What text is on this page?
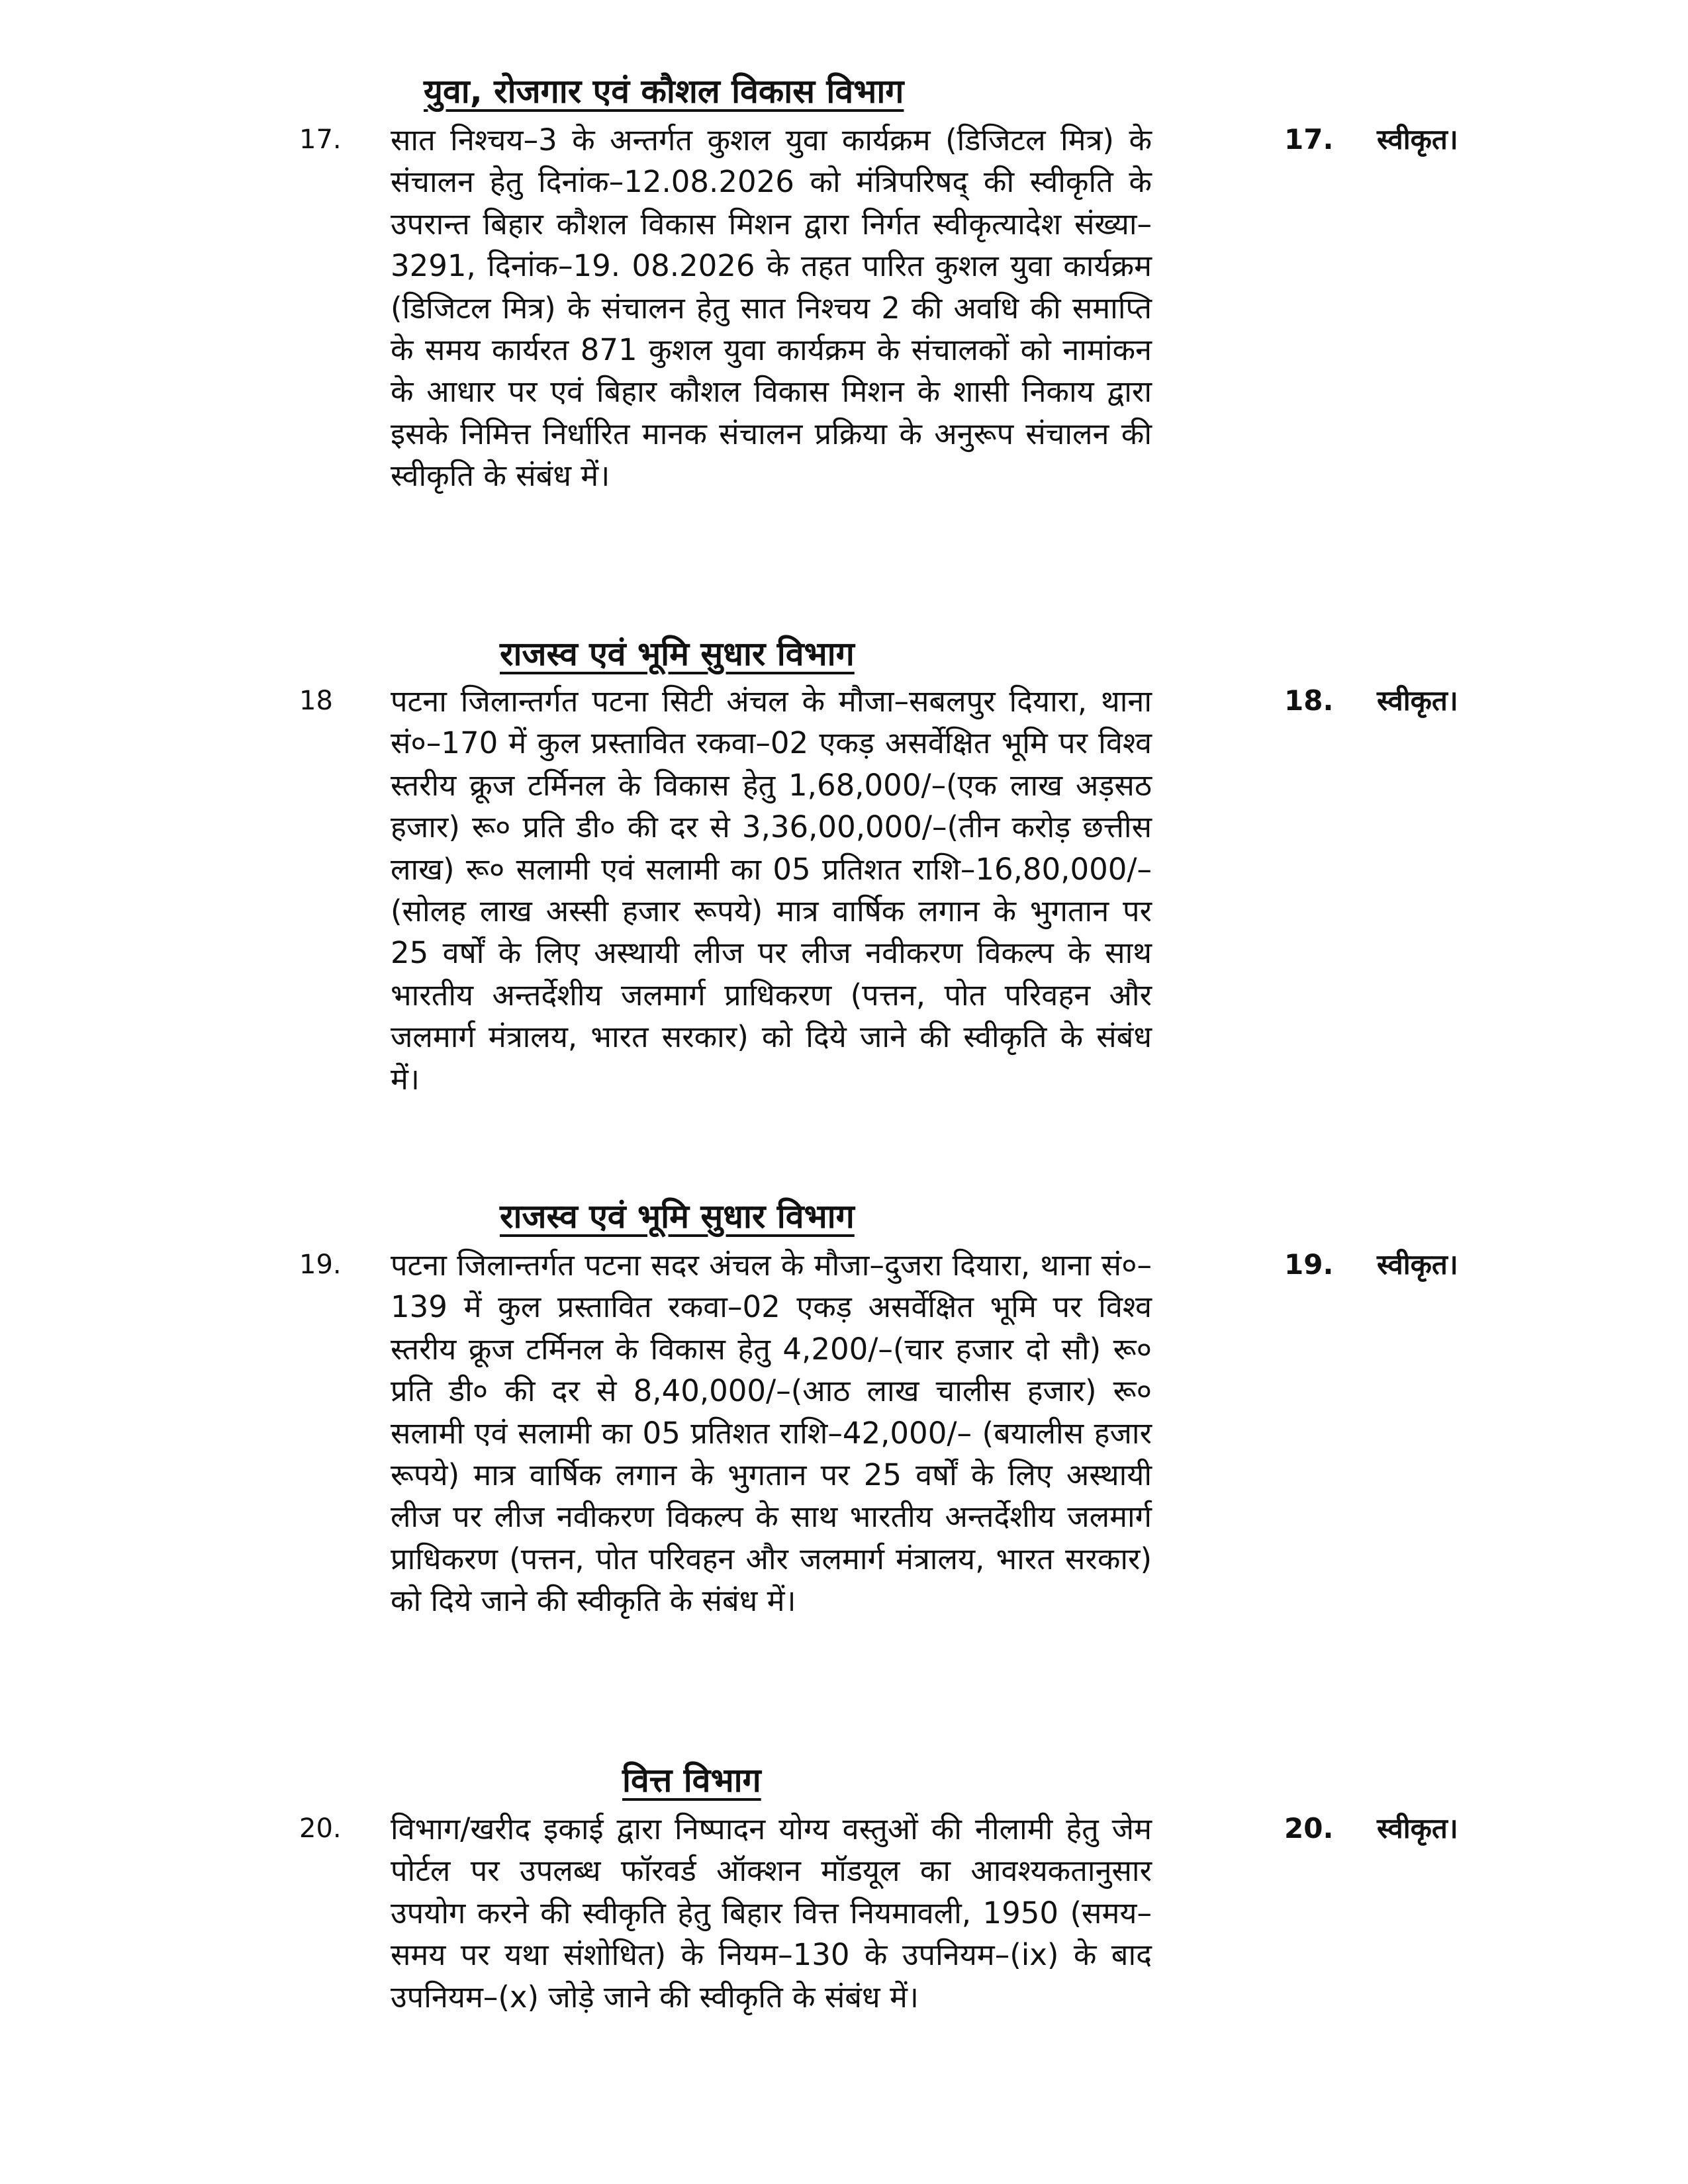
युवा, रोजगार एवं कौशल विकास विभाग
17. सात निश्चय–3 के अन्तर्गत कुशल युवा कार्यक्रम (डिजिटल मित्र) के संचालन हेतु दिनांक–12.08.2026 को मंत्रिपरिषद् की स्वीकृति के उपरान्त बिहार कौशल विकास मिशन द्वारा निर्गत स्वीकृत्यादेश संख्या–3291, दिनांक–19. 08.2026 के तहत पारित कुशल युवा कार्यक्रम (डिजिटल मित्र) के संचालन हेतु सात निश्चय 2 की अवधि की समाप्ति के समय कार्यरत 871 कुशल युवा कार्यक्रम के संचालकों को नामांकन के आधार पर एवं बिहार कौशल विकास मिशन के शासी निकाय द्वारा इसके निमित्त निर्धारित मानक संचालन प्रक्रिया के अनुरूप संचालन की स्वीकृति के संबंध में।
17. स्वीकृत।
राजस्व एवं भूमि सुधार विभाग
18 पटना जिलान्तर्गत पटना सिटी अंचल के मौजा–सबलपुर दियारा, थाना सं०–170 में कुल प्रस्तावित रकवा–02 एकड़ असर्वेक्षित भूमि पर विश्व स्तरीय क्रूज टर्मिनल के विकास हेतु 1,68,000/–(एक लाख अड़सठ हजार) रू० प्रति डी० की दर से 3,36,00,000/–(तीन करोड़ छत्तीस लाख) रू० सलामी एवं सलामी का 05 प्रतिशत राशि–16,80,000/–(सोलह लाख अस्सी हजार रूपये) मात्र वार्षिक लगान के भुगतान पर 25 वर्षों के लिए अस्थायी लीज पर लीज नवीकरण विकल्प के साथ भारतीय अन्तर्देशीय जलमार्ग प्राधिकरण (पत्तन, पोत परिवहन और जलमार्ग मंत्रालय, भारत सरकार) को दिये जाने की स्वीकृति के संबंध में।
18. स्वीकृत।
राजस्व एवं भूमि सुधार विभाग
19. पटना जिलान्तर्गत पटना सदर अंचल के मौजा–दुजरा दियारा, थाना सं०–139 में कुल प्रस्तावित रकवा–02 एकड़ असर्वेक्षित भूमि पर विश्व स्तरीय क्रूज टर्मिनल के विकास हेतु 4,200/–(चार हजार दो सौ) रू० प्रति डी० की दर से 8,40,000/–(आठ लाख चालीस हजार) रू० सलामी एवं सलामी का 05 प्रतिशत राशि–42,000/– (बयालीस हजार रूपये) मात्र वार्षिक लगान के भुगतान पर 25 वर्षों के लिए अस्थायी लीज पर लीज नवीकरण विकल्प के साथ भारतीय अन्तर्देशीय जलमार्ग प्राधिकरण (पत्तन, पोत परिवहन और जलमार्ग मंत्रालय, भारत सरकार) को दिये जाने की स्वीकृति के संबंध में।
19. स्वीकृत।
वित्त विभाग
20. विभाग/खरीद इकाई द्वारा निष्पादन योग्य वस्तुओं की नीलामी हेतु जेम पोर्टल पर उपलब्ध फॉरवर्ड ऑक्शन मॉडयूल का आवश्यकतानुसार उपयोग करने की स्वीकृति हेतु बिहार वित्त नियमावली, 1950 (समय–समय पर यथा संशोधित) के नियम–130 के उपनियम–(ix) के बाद उपनियम–(x) जोड़े जाने की स्वीकृति के संबंध में।
20. स्वीकृत।
